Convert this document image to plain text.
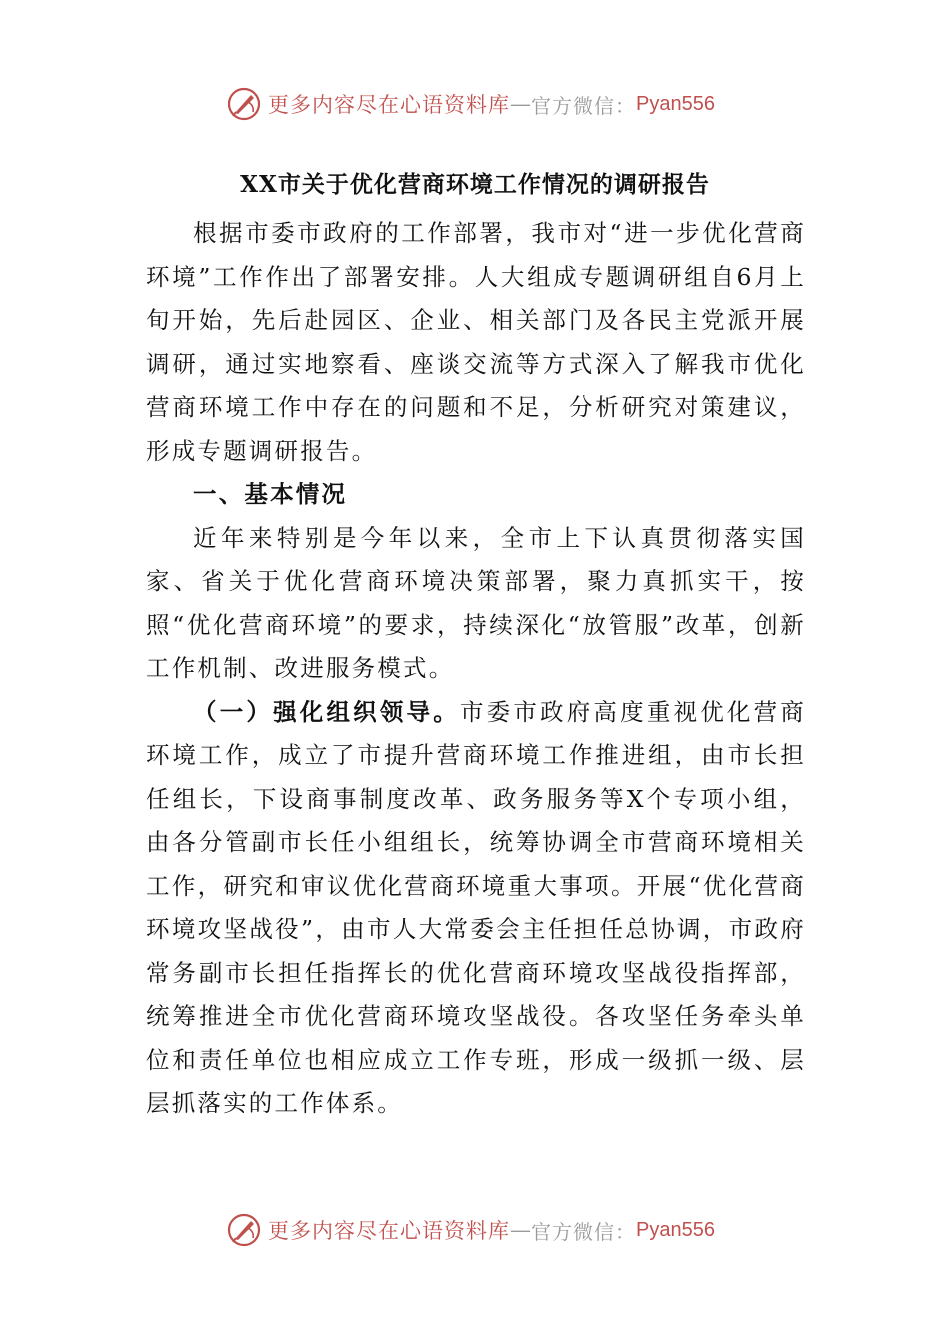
更多内容尽在心语资料库 — 官方微信： Pyan556
XX市关于优化营商环境工作情况的调研报告

根据市委市政府的工作部署，我市对“进一步优化营商环境”工作作出了部署安排。人大组成专题调研组自6月上旬开始，先后赴园区、企业、相关部门及各民主党派开展调研，通过实地察看、座谈交流等方式深入了解我市优化营商环境工作中存在的问题和不足，分析研究对策建议，形成专题调研报告。

一、基本情况

近年来特别是今年以来，全市上下认真贯彻落实国家、省关于优化营商环境决策部署，聚力真抓实干，按照“优化营商环境”的要求，持续深化“放管服”改革，创新工作机制、改进服务模式。

（一）强化组织领导。市委市政府高度重视优化营商环境工作，成立了市提升营商环境工作推进组，由市长担任组长，下设商事制度改革、政务服务等X个专项小组，由各分管副市长任小组组长，统筹协调全市营商环境相关工作，研究和审议优化营商环境重大事项。开展“优化营商环境攻坚战役”，由市人大常委会主任担任总协调，市政府常务副市长担任指挥长的优化营商环境攻坚战役指挥部，统筹推进全市优化营商环境攻坚战役。各攻坚任务牵头单位和责任单位也相应成立工作专班，形成一级抓一级、层层抓落实的工作体系。

更多内容尽在心语资料库 — 官方微信： Pyan556
